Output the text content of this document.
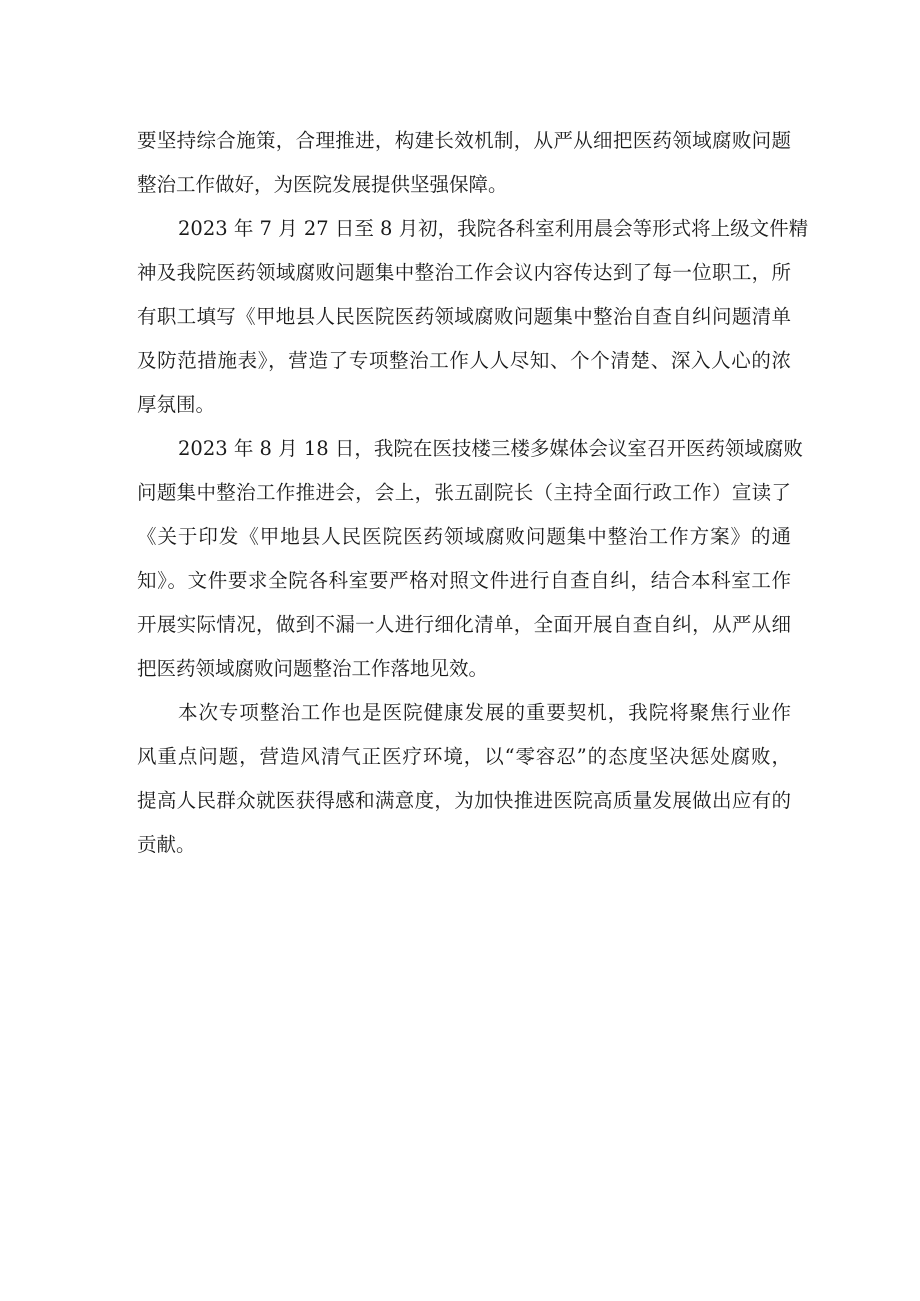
要坚持综合施策，合理推进，构建长效机制，从严从细把医药领域腐败问题
整治工作做好，为医院发展提供坚强保障。

2023 年 7 月 27 日至 8 月初，我院各科室利用晨会等形式将上级文件精
神及我院医药领域腐败问题集中整治工作会议内容传达到了每一位职工，所
有职工填写《甲地县人民医院医药领域腐败问题集中整治自查自纠问题清单
及防范措施表》，营造了专项整治工作人人尽知、个个清楚、深入人心的浓
厚氛围。

2023 年 8 月 18 日，我院在医技楼三楼多媒体会议室召开医药领域腐败
问题集中整治工作推进会，会上，张五副院长（主持全面行政工作）宣读了
《关于印发《甲地县人民医院医药领域腐败问题集中整治工作方案》的通
知》。文件要求全院各科室要严格对照文件进行自查自纠，结合本科室工作
开展实际情况，做到不漏一人进行细化清单，全面开展自查自纠，从严从细
把医药领域腐败问题整治工作落地见效。

本次专项整治工作也是医院健康发展的重要契机，我院将聚焦行业作
风重点问题，营造风清气正医疗环境，以“零容忍”的态度坚决惩处腐败，
提高人民群众就医获得感和满意度，为加快推进医院高质量发展做出应有的
贡献。
